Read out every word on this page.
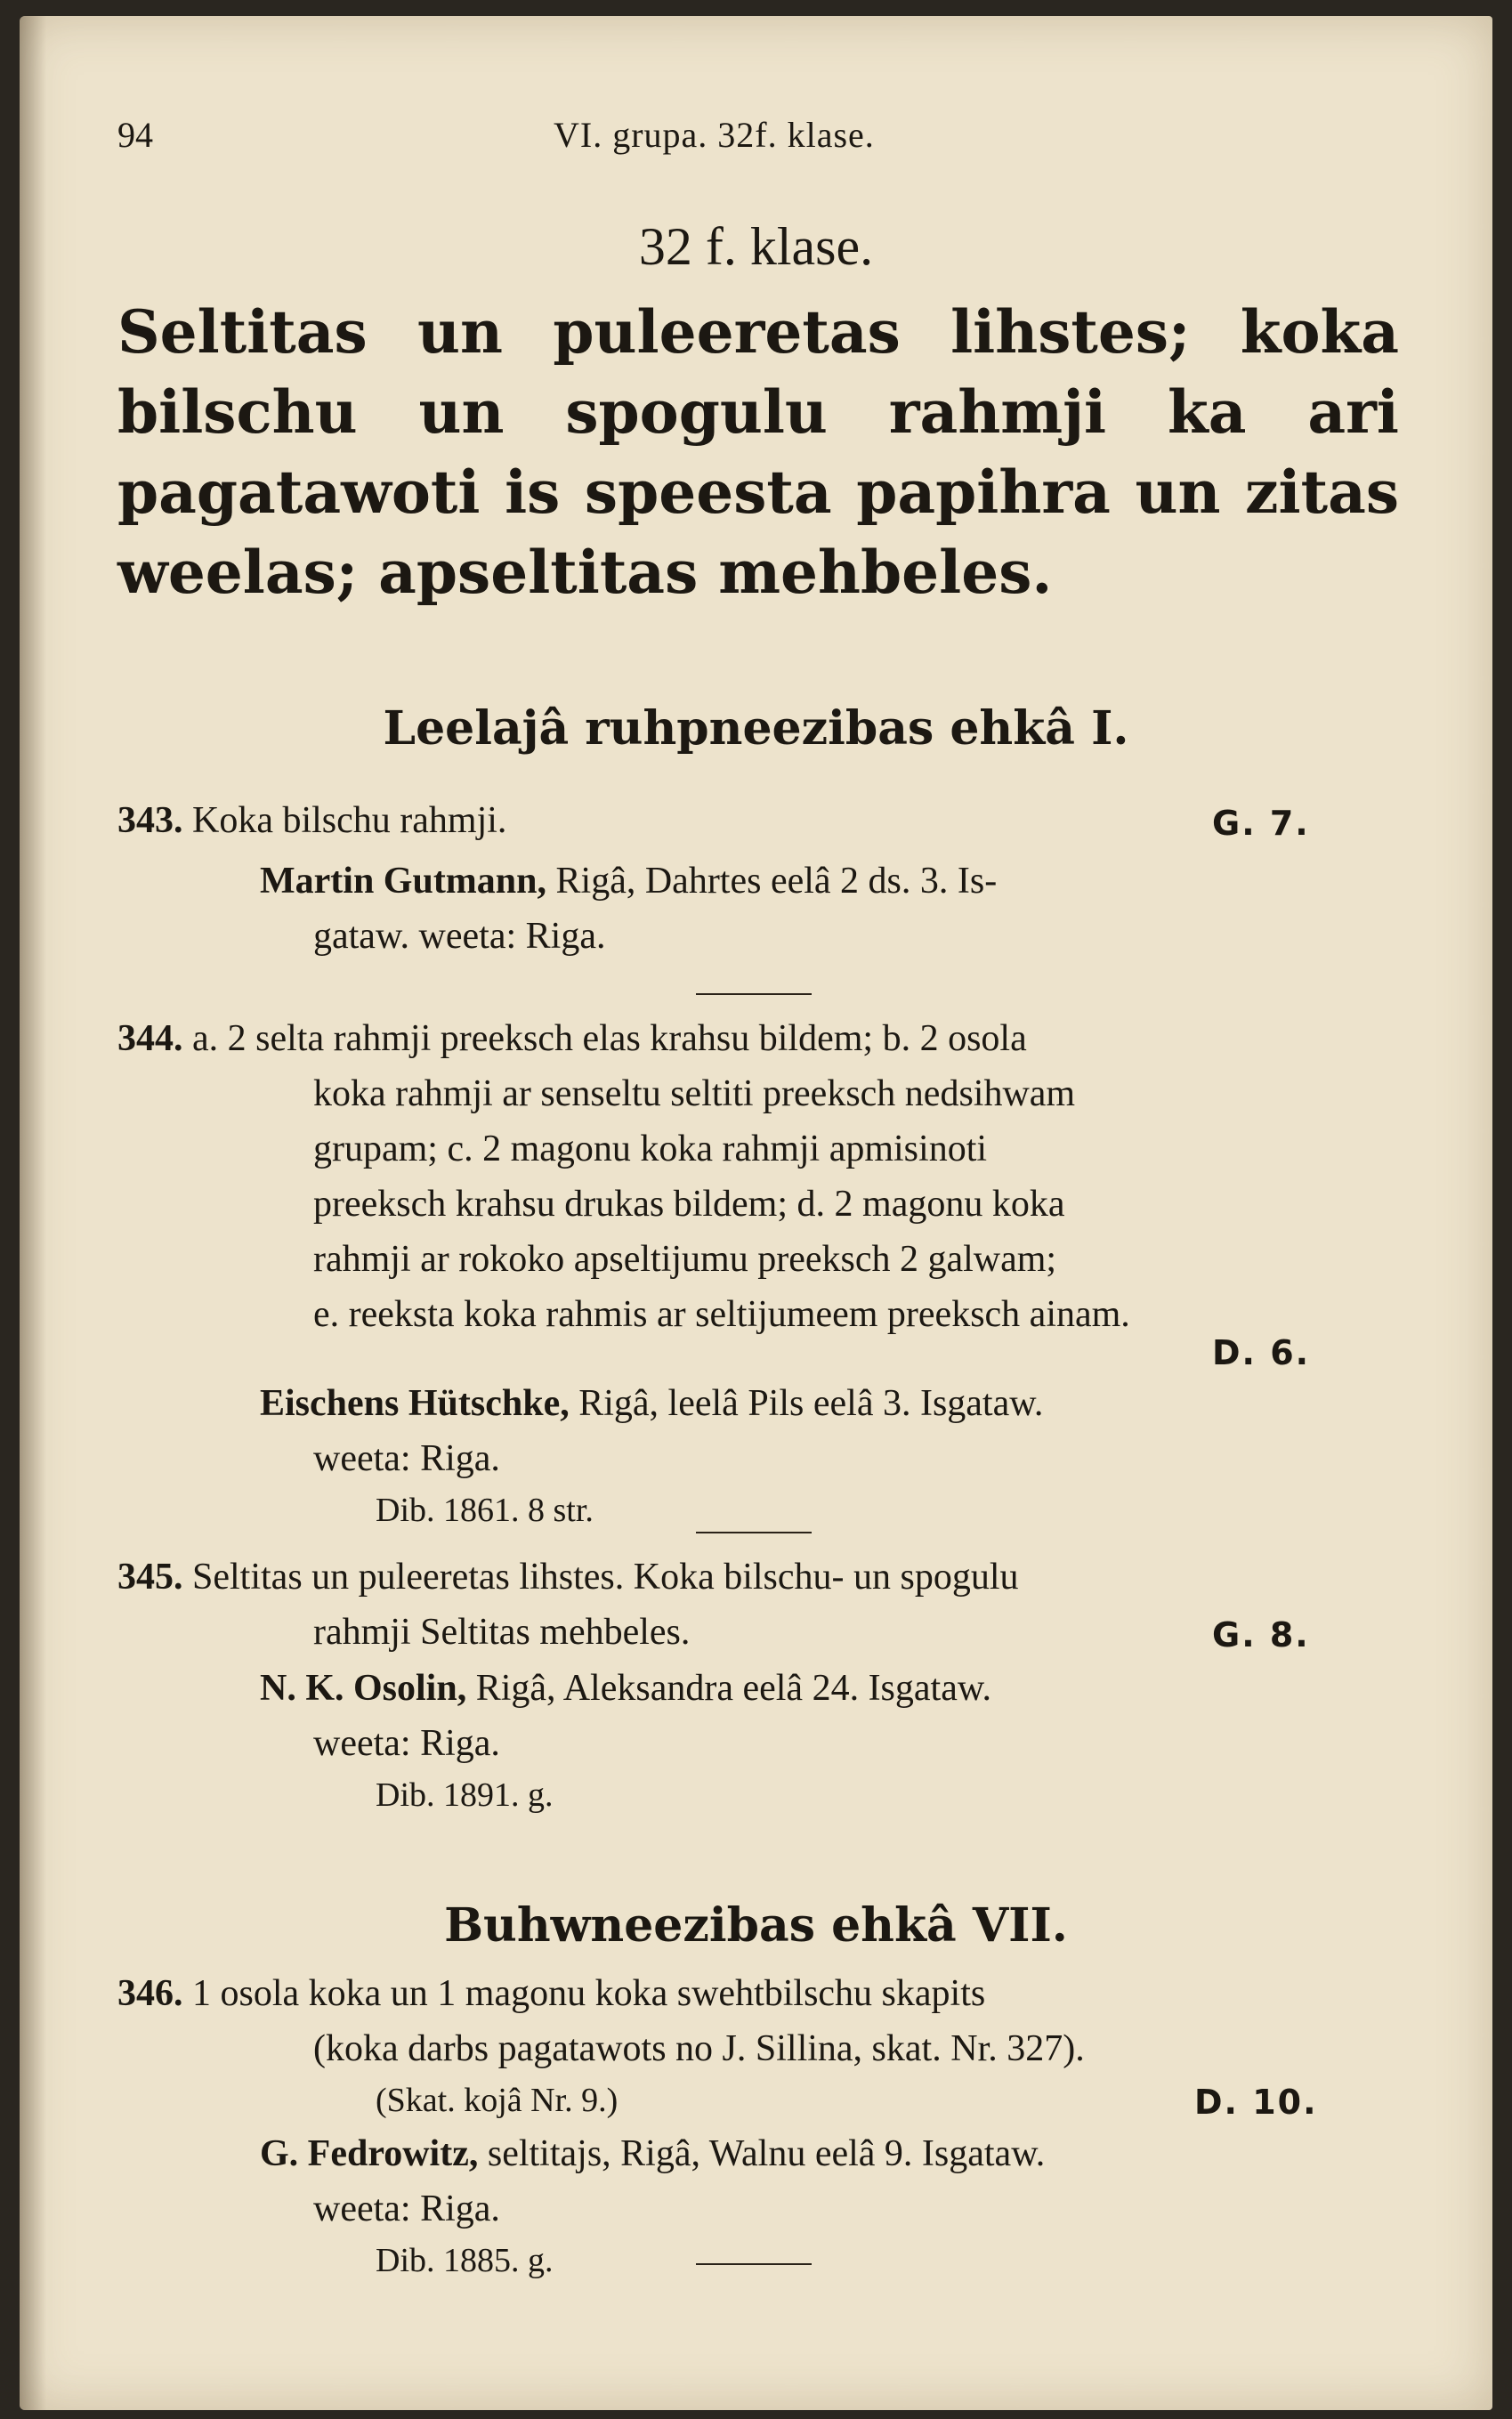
94	VI. grupa. 32f. klase.
32 f. klase.
Seltitas un puleeretas lihstes; koka bilschu un spogulu rahmji ka ari pagatawoti is speesta papihra un zitas weelas; apseltitas mehbeles.
Leelajâ ruhpneezibas ehkâ I.
343. Koka bilschu rahmji.	G. 7.
Martin Gutmann, Rigâ, Dahrtes eelâ 2 ds. 3. Is-
gataw. weeta: Riga.
344. a. 2 selta rahmji preeksch elas krahsu bildem; b. 2 osola
koka rahmji ar senseltu seltiti preeksch nedsihwam
grupam; c. 2 magonu koka rahmji apmisinoti
preeksch krahsu drukas bildem; d. 2 magonu koka
rahmji ar rokoko apseltijumu preeksch 2 galwam;
e. reeksta koka rahmis ar seltijumeem preeksch ainam.
D. 6.
Eischens Hütschke, Rigâ, leelâ Pils eelâ 3. Isgataw.
weeta: Riga.
Dib. 1861. 8 str.
345. Seltitas un puleeretas lihstes. Koka bilschu- un spogulu
rahmji Seltitas mehbeles.	G. 8.
N. K. Osolin, Rigâ, Aleksandra eelâ 24. Isgataw.
weeta: Riga.
Dib. 1891. g.
Buhwneezibas ehkâ VII.
346. 1 osola koka un 1 magonu koka swehtbilschu skapits
(koka darbs pagatawots no J. Sillina, skat. Nr. 327).
(Skat. kojâ Nr. 9.)	D. 10.
G. Fedrowitz, seltitajs, Rigâ, Walnu eelâ 9. Isgataw.
weeta: Riga.
Dib. 1885. g.
